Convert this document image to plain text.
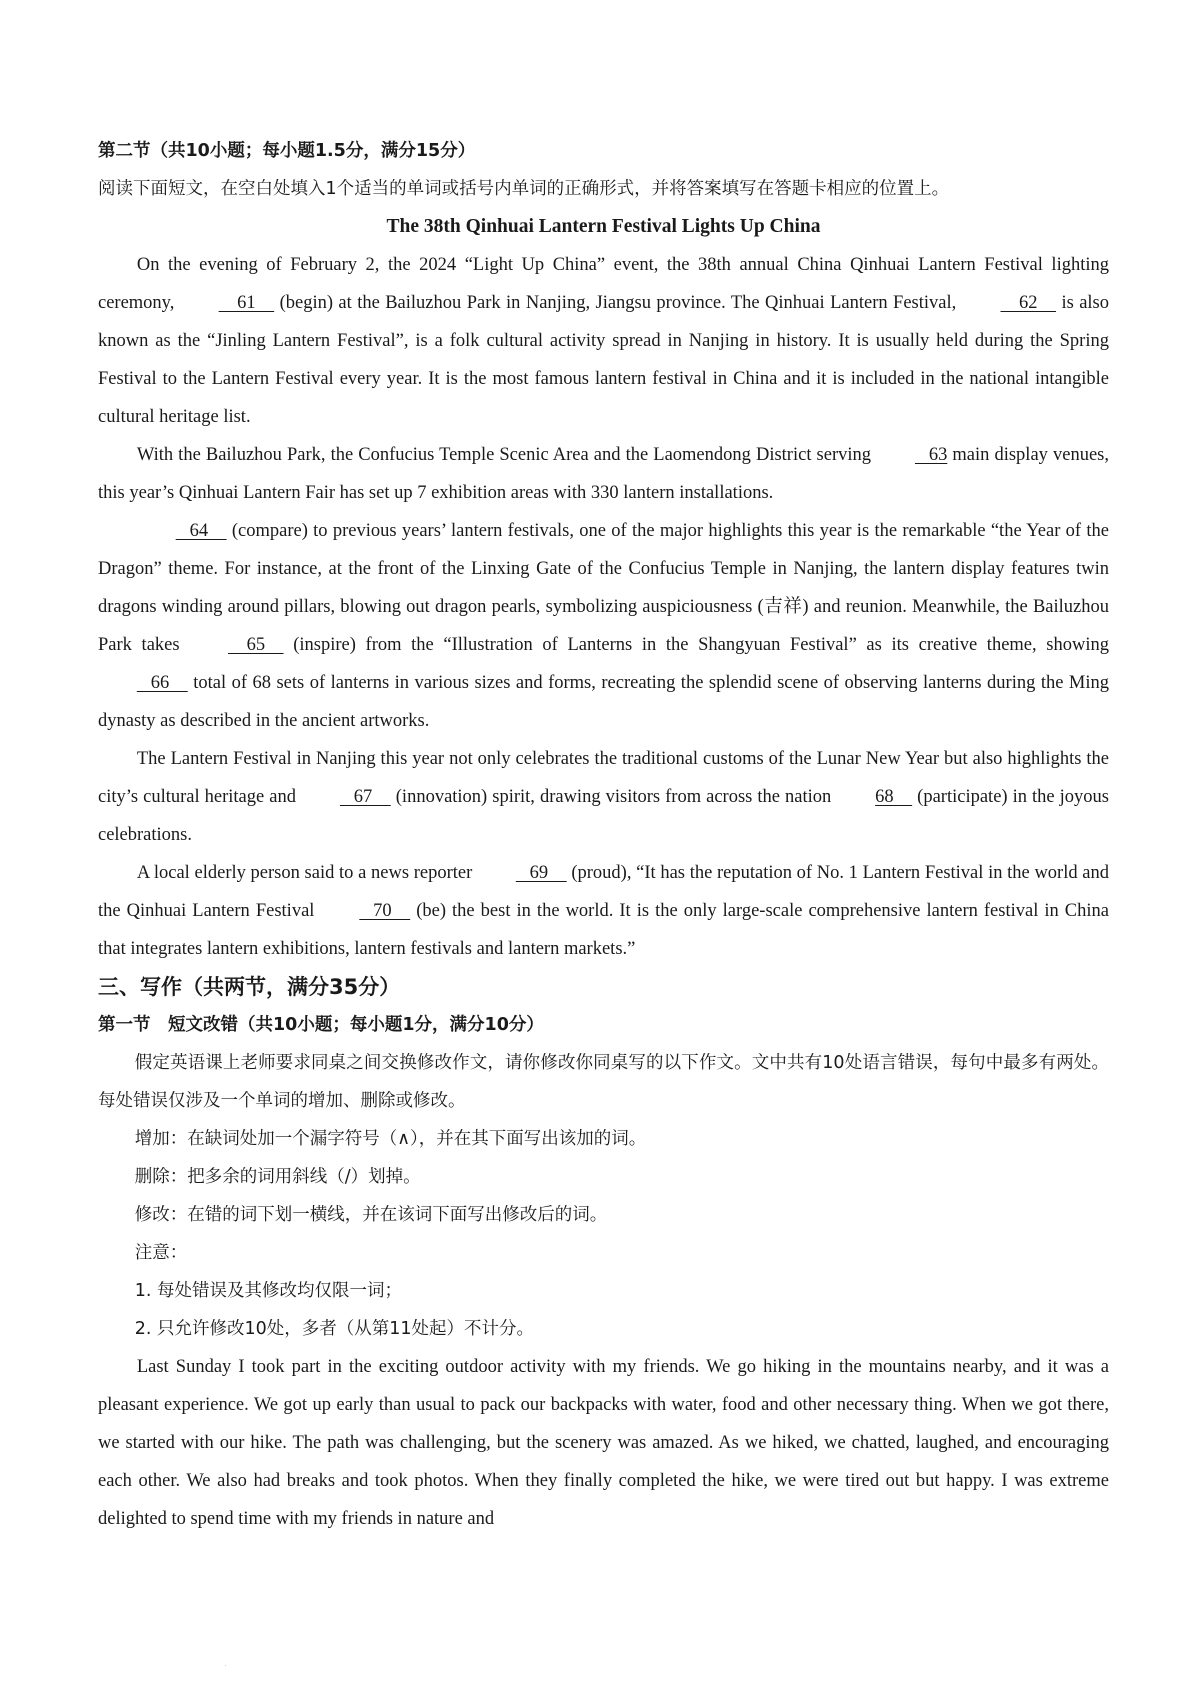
第二节（共10小题；每小题1.5分，满分15分）

阅读下面短文，在空白处填入1个适当的单词或括号内单词的正确形式，并将答案填写在答题卡相应的位置上。

The 38th Qinhuai Lantern Festival Lights Up China

On the evening of February 2, the 2024 “Light Up China” event, the 38th annual China Qinhuai Lantern Festival lighting ceremony,     61     (begin) at the Bailuzhou Park in Nanjing, Jiangsu province. The Qinhuai Lantern Festival,     62     is also known as the “Jinling Lantern Festival”, is a folk cultural activity spread in Nanjing in history. It is usually held during the Spring Festival to the Lantern Festival every year. It is the most famous lantern festival in China and it is included in the national intangible cultural heritage list.

With the Bailuzhou Park, the Confucius Temple Scenic Area and the Laomendong District serving    63 main display venues, this year’s Qinhuai Lantern Fair has set up 7 exhibition areas with 330 lantern installations.

64     (compare) to previous years’ lantern festivals, one of the major highlights this year is the remarkable “the Year of the Dragon” theme. For instance, at the front of the Linxing Gate of the Confucius Temple in Nanjing, the lantern display features twin dragons winding around pillars, blowing out dragon pearls, symbolizing auspiciousness (吉祥) and reunion. Meanwhile, the Bailuzhou Park takes     65     (inspire) from the “Illustration of Lanterns in the Shangyuan Festival” as its creative theme, showing    66     total of 68 sets of lanterns in various sizes and forms, recreating the splendid scene of observing lanterns during the Ming dynasty as described in the ancient artworks.

The Lantern Festival in Nanjing this year not only celebrates the traditional customs of the Lunar New Year but also highlights the city’s cultural heritage and    67     (innovation) spirit, drawing visitors from across the nation 68     (participate) in the joyous celebrations.

A local elderly person said to a news reporter    69     (proud), “It has the reputation of No. 1 Lantern Festival in the world and the Qinhuai Lantern Festival    70     (be) the best in the world. It is the only large-scale comprehensive lantern festival in China that integrates lantern exhibitions, lantern festivals and lantern markets.”

三、写作（共两节，满分35分）

第一节　短文改错（共10小题；每小题1分，满分10分）

假定英语课上老师要求同桌之间交换修改作文，请你修改你同桌写的以下作文。文中共有10处语言错误，每句中最多有两处。每处错误仅涉及一个单词的增加、删除或修改。

增加：在缺词处加一个漏字符号（∧），并在其下面写出该加的词。

删除：把多余的词用斜线（/）划掉。

修改：在错的词下划一横线，并在该词下面写出修改后的词。

注意：

1. 每处错误及其修改均仅限一词；

2. 只允许修改10处，多者（从第11处起）不计分。

Last Sunday I took part in the exciting outdoor activity with my friends. We go hiking in the mountains nearby, and it was a pleasant experience. We got up early than usual to pack our backpacks with water, food and other necessary thing. When we got there, we started with our hike. The path was challenging, but the scenery was amazed. As we hiked, we chatted, laughed, and encouraging each other. We also had breaks and took photos. When they finally completed the hike, we were tired out but happy. I was extreme delighted to spend time with my friends in nature and

·
